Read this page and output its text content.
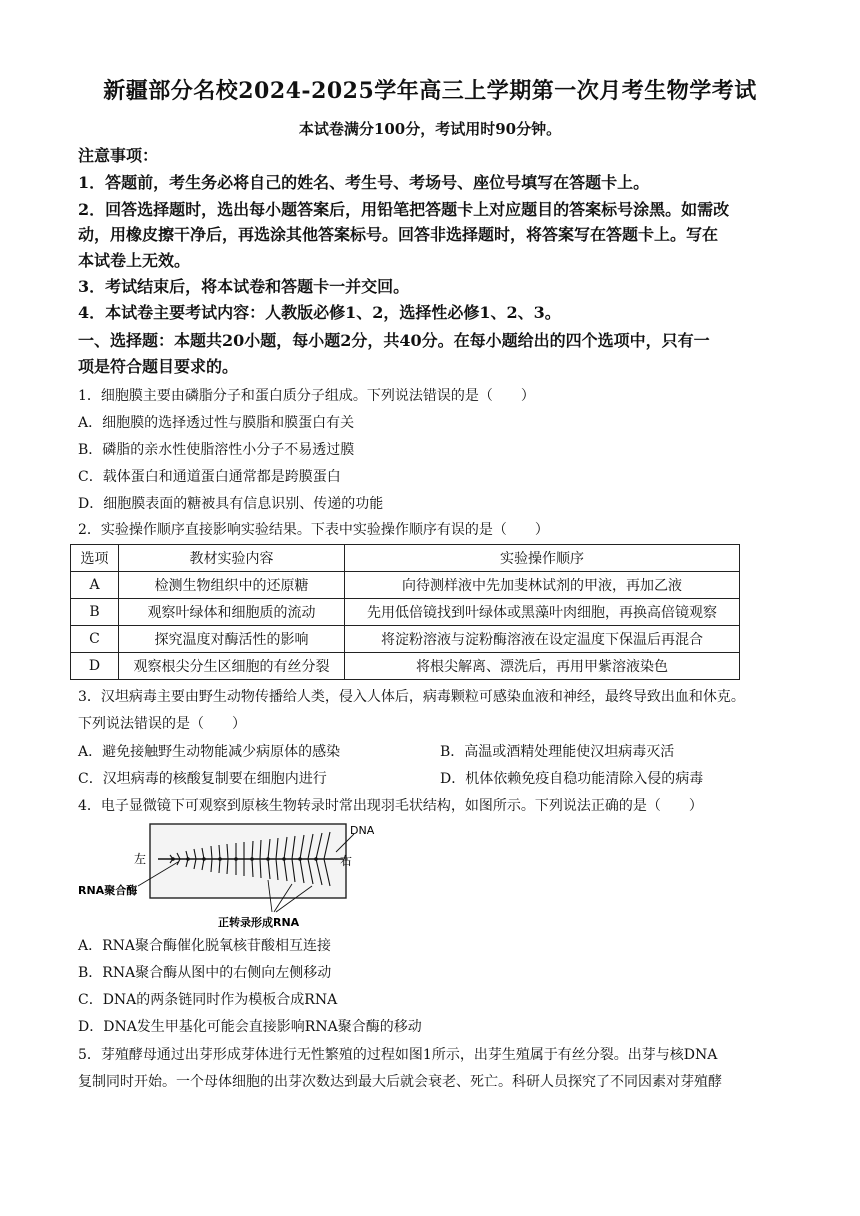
新疆部分名校2024-2025学年高三上学期第一次月考生物学考试
本试卷满分100分，考试用时90分钟。
注意事项：
1．答题前，考生务必将自己的姓名、考生号、考场号、座位号填写在答题卡上。
2．回答选择题时，选出每小题答案后，用铅笔把答题卡上对应题目的答案标号涂黑。如需改
动，用橡皮擦干净后，再选涂其他答案标号。回答非选择题时，将答案写在答题卡上。写在
本试卷上无效。
3．考试结束后，将本试卷和答题卡一并交回。
4．本试卷主要考试内容：人教版必修1、2，选择性必修1、2、3。
一、选择题：本题共20小题，每小题2分，共40分。在每小题给出的四个选项中，只有一
项是符合题目要求的。
1．细胞膜主要由磷脂分子和蛋白质分子组成。下列说法错误的是（　　）
A．细胞膜的选择透过性与膜脂和膜蛋白有关
B．磷脂的亲水性使脂溶性小分子不易透过膜
C．载体蛋白和通道蛋白通常都是跨膜蛋白
D．细胞膜表面的糖被具有信息识别、传递的功能
2．实验操作顺序直接影响实验结果。下表中实验操作顺序有误的是（　　）
选项	教材实验内容	实验操作顺序
A	检测生物组织中的还原糖	向待测样液中先加斐林试剂的甲液，再加乙液
B	观察叶绿体和细胞质的流动	先用低倍镜找到叶绿体或黑藻叶肉细胞，再换高倍镜观察
C	探究温度对酶活性的影响	将淀粉溶液与淀粉酶溶液在设定温度下保温后再混合
D	观察根尖分生区细胞的有丝分裂	将根尖解离、漂洗后，再用甲紫溶液染色
3．汉坦病毒主要由野生动物传播给人类，侵入人体后，病毒颗粒可感染血液和神经，最终导致出血和休克。
下列说法错误的是（　　）
A．避免接触野生动物能减少病原体的感染	B．高温或酒精处理能使汉坦病毒灭活
C．汉坦病毒的核酸复制要在细胞内进行	D．机体依赖免疫自稳功能清除入侵的病毒
4．电子显微镜下可观察到原核生物转录时常出现羽毛状结构，如图所示。下列说法正确的是（　　）
左	右
DNA
RNA聚合酶
正转录形成RNA
A．RNA聚合酶催化脱氧核苷酸相互连接
B．RNA聚合酶从图中的右侧向左侧移动
C．DNA的两条链同时作为模板合成RNA
D．DNA发生甲基化可能会直接影响RNA聚合酶的移动
5．芽殖酵母通过出芽形成芽体进行无性繁殖的过程如图1所示，出芽生殖属于有丝分裂。出芽与核DNA
复制同时开始。一个母体细胞的出芽次数达到最大后就会衰老、死亡。科研人员探究了不同因素对芽殖酵
